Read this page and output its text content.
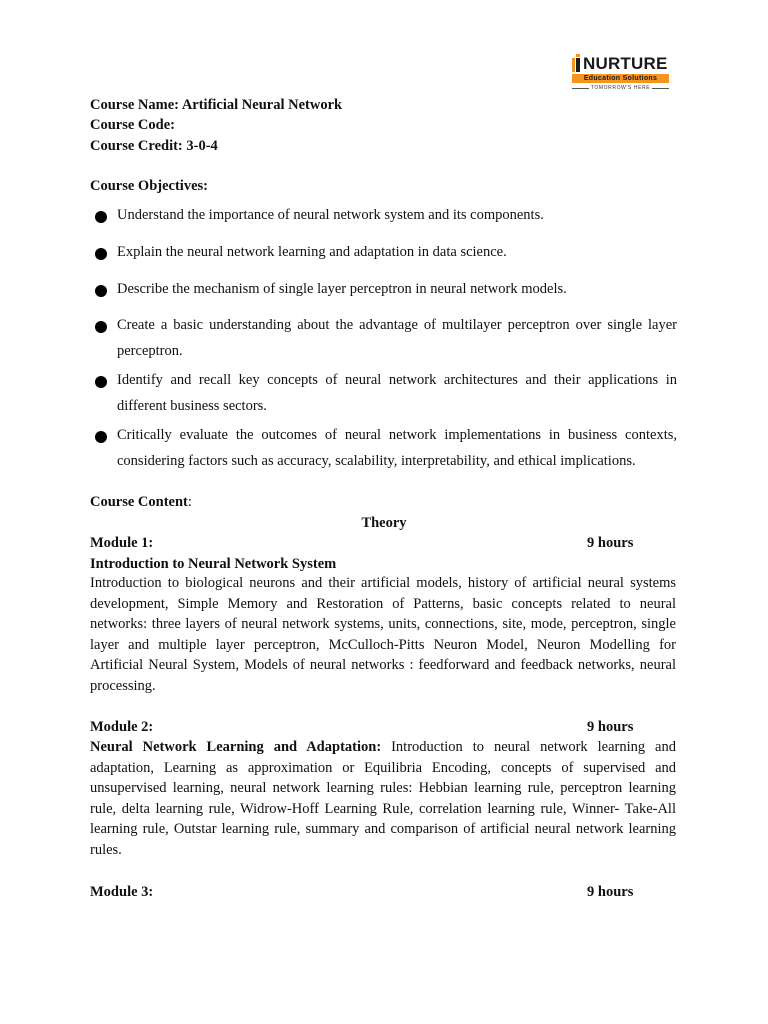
NURTURE
Education Solutions
TOMORROW'S HERE
Course Name: Artificial Neural Network
Course Code:
Course Credit: 3-0-4
Course Objectives:
Understand the importance of neural network system and its components.
Explain the neural network learning and adaptation in data science.
Describe the mechanism of single layer perceptron in neural network models.
Create a basic understanding about the advantage of multilayer perceptron over single layer perceptron.
Identify and recall key concepts of neural network architectures and their applications in different business sectors.
Critically evaluate the outcomes of neural network implementations in business contexts, considering factors such as accuracy, scalability, interpretability, and ethical implications.
Course Content:
Theory
Module 1:	9 hours
Introduction to Neural Network System
Introduction to biological neurons and their artificial models, history of artificial neural systems development, Simple Memory and Restoration of Patterns, basic concepts related to neural networks: three layers of neural network systems, units, connections, site, mode, perceptron, single layer and multiple layer perceptron, McCulloch-Pitts Neuron Model, Neuron Modelling for Artificial Neural System, Models of neural networks : feedforward and feedback networks, neural processing.
Module 2:	9 hours
Neural Network Learning and Adaptation: Introduction to neural network learning and adaptation, Learning as approximation or Equilibria Encoding, concepts of supervised and unsupervised learning, neural network learning rules: Hebbian learning rule, perceptron learning rule, delta learning rule, Widrow-Hoff Learning Rule, correlation learning rule, Winner- Take-All learning rule, Outstar learning rule, summary and comparison of artificial neural network learning rules.
Module 3:	9 hours
